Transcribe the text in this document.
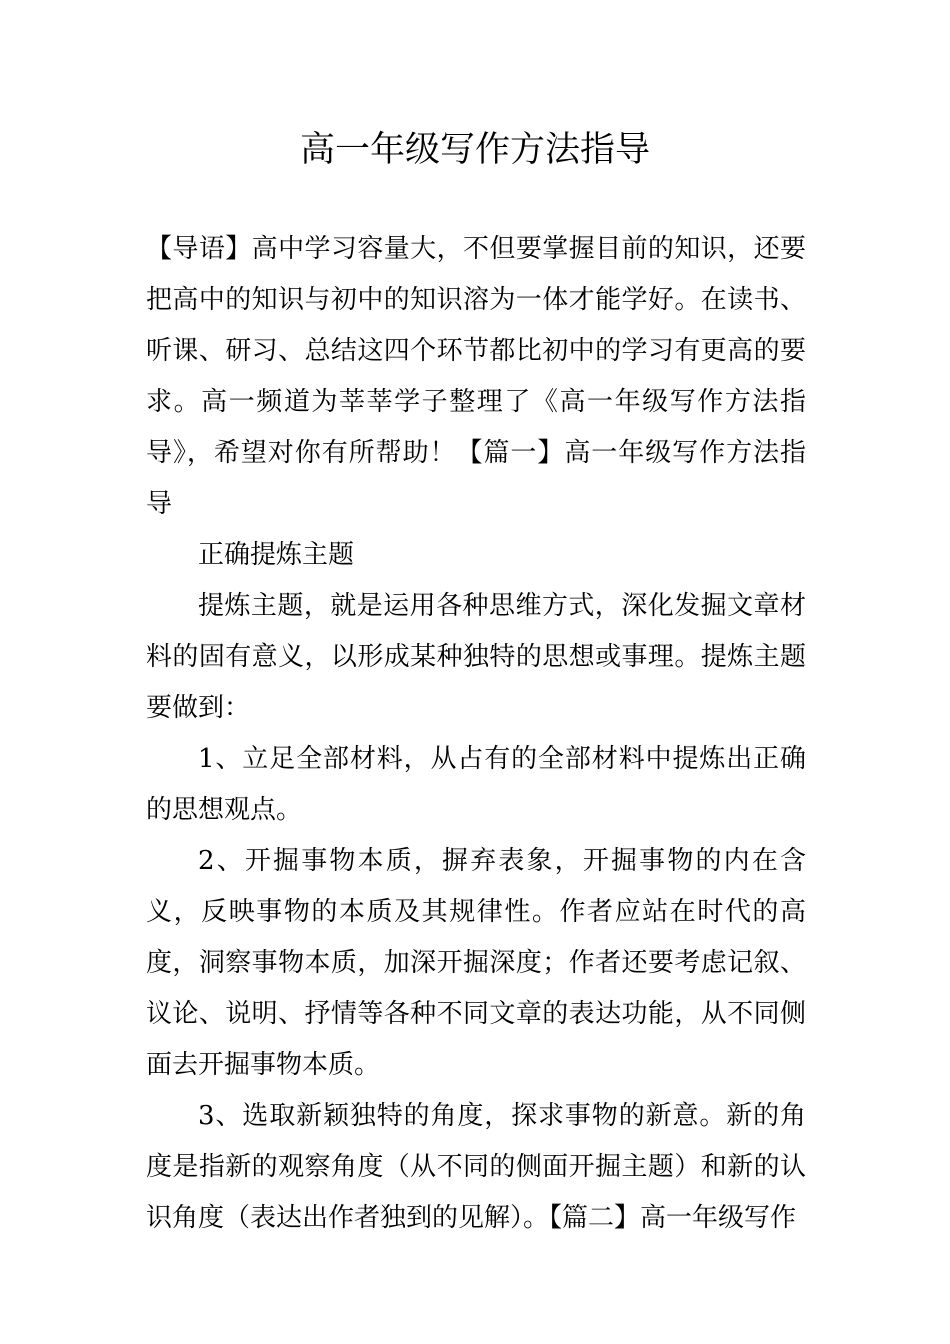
高一年级写作方法指导

【导语】高中学习容量大，不但要掌握目前的知识，还要把高中的知识与初中的知识溶为一体才能学好。在读书、听课、研习、总结这四个环节都比初中的学习有更高的要求。高一频道为莘莘学子整理了《高一年级写作方法指导》，希望对你有所帮助！【篇一】高一年级写作方法指导

正确提炼主题

提炼主题，就是运用各种思维方式，深化发掘文章材料的固有意义，以形成某种独特的思想或事理。提炼主题要做到：

1、立足全部材料，从占有的全部材料中提炼出正确的思想观点。

2、开掘事物本质，摒弃表象，开掘事物的内在含义，反映事物的本质及其规律性。作者应站在时代的高度，洞察事物本质，加深开掘深度；作者还要考虑记叙、议论、说明、抒情等各种不同文章的表达功能，从不同侧面去开掘事物本质。

3、选取新颖独特的角度，探求事物的新意。新的角度是指新的观察角度（从不同的侧面开掘主题）和新的认识角度（表达出作者独到的见解）。【篇二】高一年级写作
